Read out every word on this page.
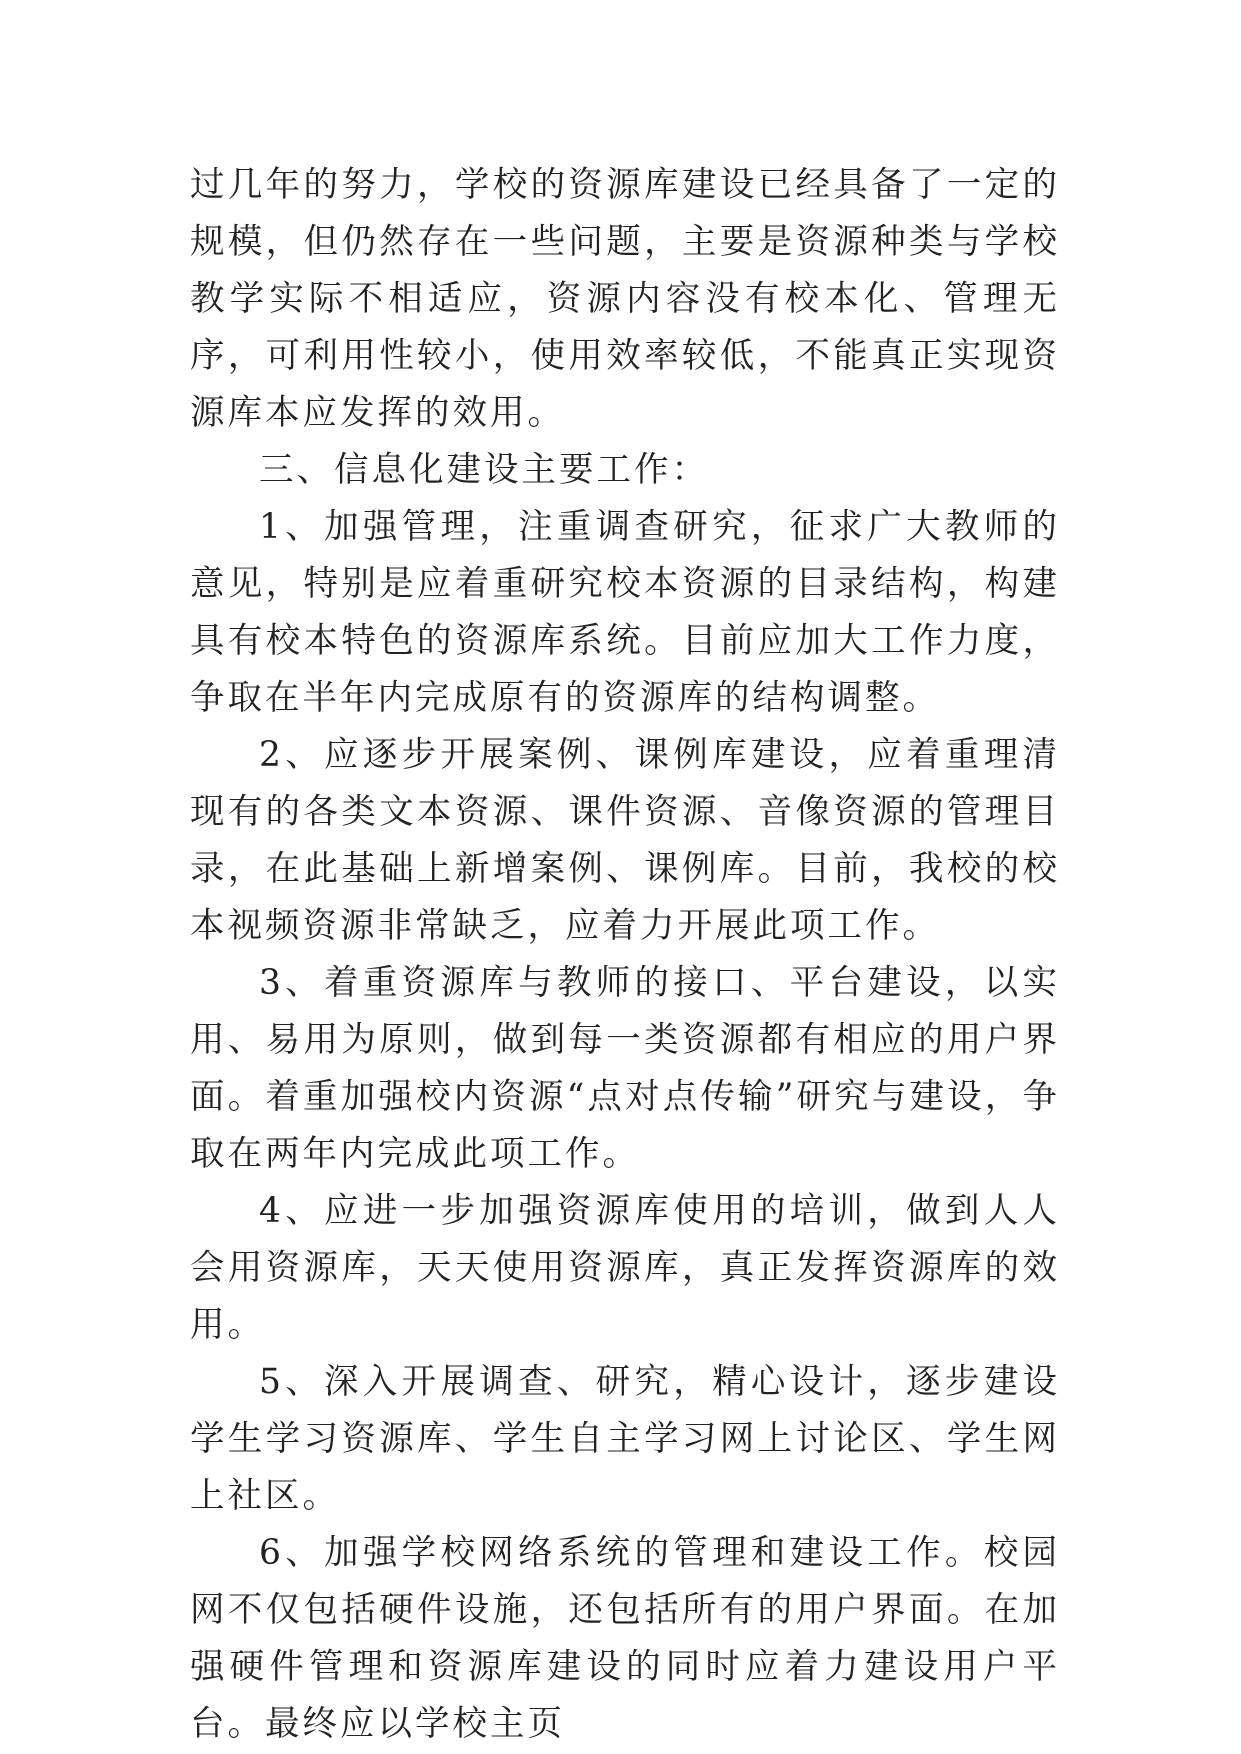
过几年的努力，学校的资源库建设已经具备了一定的规模，但仍然存在一些问题，主要是资源种类与学校教学实际不相适应，资源内容没有校本化、管理无序，可利用性较小，使用效率较低，不能真正实现资源库本应发挥的效用。

三、信息化建设主要工作：

1、加强管理，注重调查研究，征求广大教师的意见，特别是应着重研究校本资源的目录结构，构建具有校本特色的资源库系统。目前应加大工作力度，争取在半年内完成原有的资源库的结构调整。

2、应逐步开展案例、课例库建设，应着重理清现有的各类文本资源、课件资源、音像资源的管理目录，在此基础上新增案例、课例库。目前，我校的校本视频资源非常缺乏，应着力开展此项工作。

3、着重资源库与教师的接口、平台建设，以实用、易用为原则，做到每一类资源都有相应的用户界面。着重加强校内资源“点对点传输”研究与建设，争取在两年内完成此项工作。

4、应进一步加强资源库使用的培训，做到人人会用资源库，天天使用资源库，真正发挥资源库的效用。

5、深入开展调查、研究，精心设计，逐步建设学生学习资源库、学生自主学习网上讨论区、学生网上社区。

6、加强学校网络系统的管理和建设工作。校园网不仅包括硬件设施，还包括所有的用户界面。在加强硬件管理和资源库建设的同时应着力建设用户平台。最终应以学校主页
